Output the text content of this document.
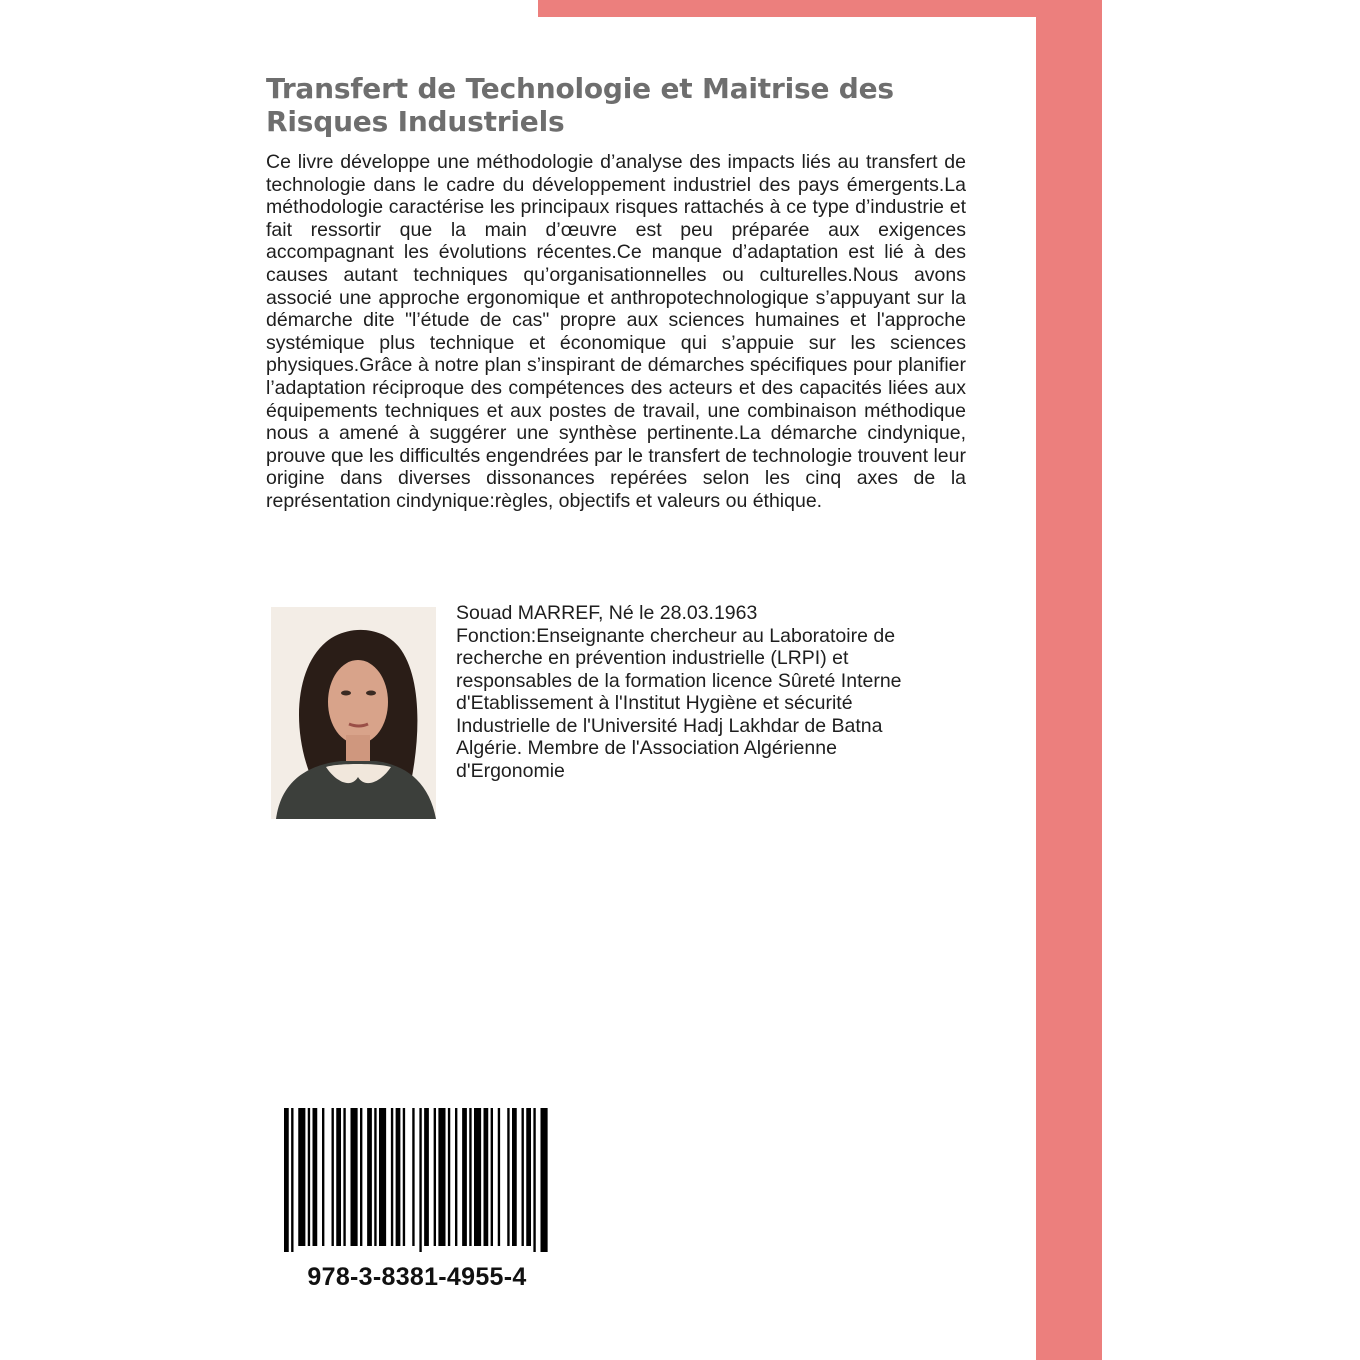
Transfert de Technologie et Maitrise des Risques Industriels

Ce livre développe une méthodologie d’analyse des impacts liés au transfert de technologie dans le cadre du développement industriel des pays émergents.La méthodologie caractérise les principaux risques rattachés à ce type d’industrie et fait ressortir que la main d’œuvre est peu préparée aux exigences accompagnant les évolutions récentes.Ce manque d’adaptation est lié à des causes autant techniques qu’organisationnelles ou culturelles.Nous avons associé une approche ergonomique et anthropotechnologique s’appuyant sur la démarche dite "l’étude de cas" propre aux sciences humaines et l'approche systémique plus technique et économique qui s’appuie sur les sciences physiques.Grâce à notre plan s’inspirant de démarches spécifiques pour planifier l’adaptation réciproque des compétences des acteurs et des capacités liées aux équipements techniques et aux postes de travail, une combinaison méthodique nous a amené à suggérer une synthèse pertinente.La démarche cindynique, prouve que les difficultés engendrées par le transfert de technologie trouvent leur origine dans diverses dissonances repérées selon les cinq axes de la représentation cindynique:règles, objectifs et valeurs ou éthique.

Souad MARREF, Né le 28.03.1963
Fonction:Enseignante chercheur au Laboratoire de
recherche en prévention industrielle (LRPI) et
responsables de la formation licence Sûreté Interne
d'Etablissement à l'Institut Hygiène et sécurité
Industrielle de l'Université Hadj Lakhdar de Batna
Algérie. Membre de l'Association Algérienne
d'Ergonomie

978-3-8381-4955-4
